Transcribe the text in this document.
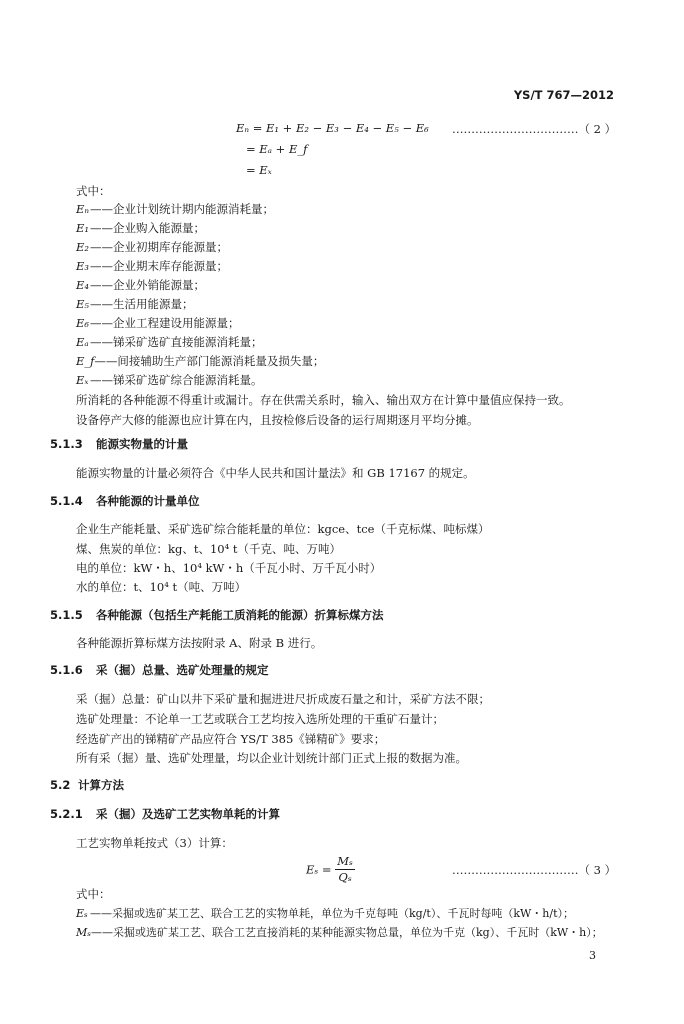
YS/T 767—2012
Eₙ = E₁ + E₂ − E₃ − E₄ − E₅ − E₆
= Eₐ + E_f
= Eₓ
……………………………（ 2 ）
式中：
Eₙ——企业计划统计期内能源消耗量；
E₁——企业购入能源量；
E₂——企业初期库存能源量；
E₃——企业期末库存能源量；
E₄——企业外销能源量；
E₅——生活用能源量；
E₆——企业工程建设用能源量；
Eₐ——锑采矿选矿直接能源消耗量；
E_f——间接辅助生产部门能源消耗量及损失量；
Eₓ ——锑采矿选矿综合能源消耗量。
所消耗的各种能源不得重计或漏计。存在供需关系时，输入、输出双方在计算中量值应保持一致。
设备停产大修的能源也应计算在内，且按检修后设备的运行周期逐月平均分摊。
5.1.3 能源实物量的计量
能源实物量的计量必须符合《中华人民共和国计量法》和 GB 17167 的规定。
5.1.4 各种能源的计量单位
企业生产能耗量、采矿选矿综合能耗量的单位：kgce、tce（千克标煤、吨标煤）
煤、焦炭的单位：kg、t、10⁴ t（千克、吨、万吨）
电的单位：kW・h、10⁴ kW・h（千瓦小时、万千瓦小时）
水的单位：t、10⁴ t（吨、万吨）
5.1.5 各种能源（包括生产耗能工质消耗的能源）折算标煤方法
各种能源折算标煤方法按附录 A、附录 B 进行。
5.1.6 采（掘）总量、选矿处理量的规定
采（掘）总量：矿山以井下采矿量和掘进进尺折成废石量之和计，采矿方法不限；
选矿处理量：不论单一工艺或联合工艺均按入选所处理的干重矿石量计；
经选矿产出的锑精矿产品应符合 YS/T 385《锑精矿》要求；
所有采（掘）量、选矿处理量，均以企业计划统计部门正式上报的数据为准。
5.2 计算方法
5.2.1 采（掘）及选矿工艺实物单耗的计算
工艺实物单耗按式（3）计算：
$E_s = \frac{\text{Mₛ}}{\text{Qₛ}}$	……………………………（ 3 ）
式中：
Eₛ ——采掘或选矿某工艺、联合工艺的实物单耗，单位为千克每吨（kg/t）、千瓦时每吨（kW・h/t）；
Mₛ——采掘或选矿某工艺、联合工艺直接消耗的某种能源实物总量，单位为千克（kg）、千瓦时（kW・h）；
3
